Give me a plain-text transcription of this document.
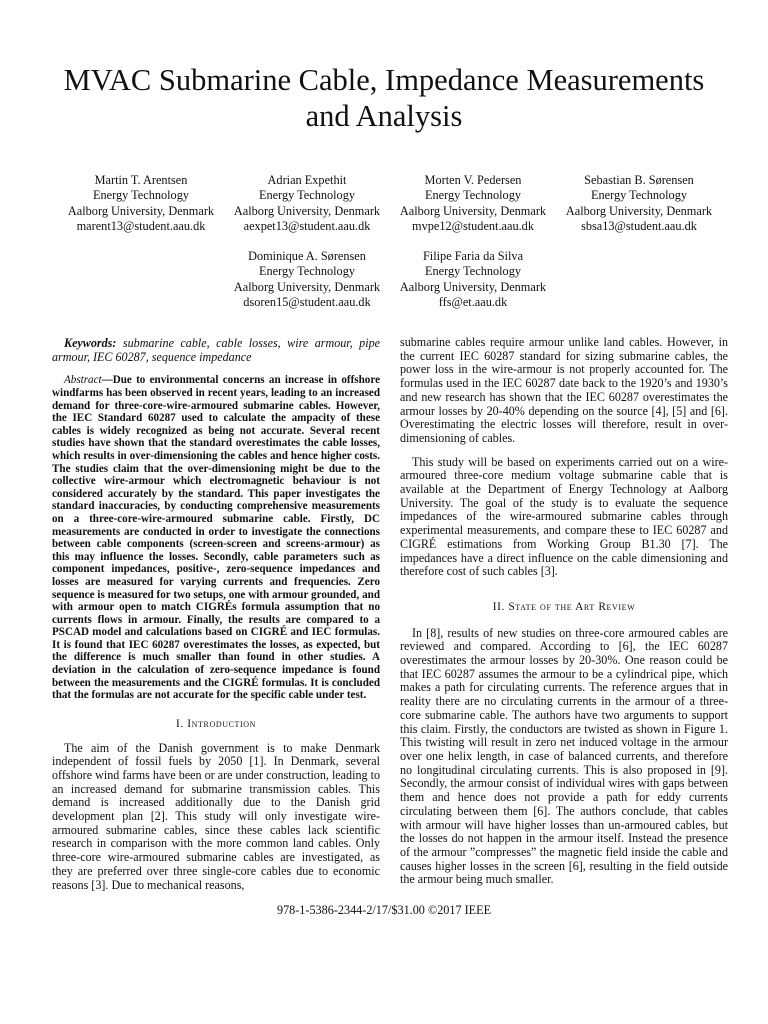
MVAC Submarine Cable, Impedance Measurements and Analysis
Martin T. Arentsen
Energy Technology
Aalborg University, Denmark
marent13@student.aau.dk
Adrian Expethit
Energy Technology
Aalborg University, Denmark
aexpet13@student.aau.dk
Morten V. Pedersen
Energy Technology
Aalborg University, Denmark
mvpe12@student.aau.dk
Sebastian B. Sørensen
Energy Technology
Aalborg University, Denmark
sbsa13@student.aau.dk
Dominique A. Sørensen
Energy Technology
Aalborg University, Denmark
dsoren15@student.aau.dk
Filipe Faria da Silva
Energy Technology
Aalborg University, Denmark
ffs@et.aau.dk

Keywords: submarine cable, cable losses, wire armour, pipe armour, IEC 60287, sequence impedance

Abstract—Due to environmental concerns an increase in offshore windfarms has been observed in recent years, leading to an increased demand for three-core-wire-armoured submarine cables. However, the IEC Standard 60287 used to calculate the ampacity of these cables is widely recognized as being not accurate. Several recent studies have shown that the standard overestimates the cable losses, which results in over-dimensioning the cables and hence higher costs. The studies claim that the over-dimensioning might be due to the collective wire-armour which electromagnetic behaviour is not considered accurately by the standard. This paper investigates the standard inaccuracies, by conducting comprehensive measurements on a three-core-wire-armoured submarine cable. Firstly, DC measurements are conducted in order to investigate the connections between cable components (screen-screen and screens-armour) as this may influence the losses. Secondly, cable parameters such as component impedances, positive-, zero-sequence impedances and losses are measured for varying currents and frequencies. Zero sequence is measured for two setups, one with armour grounded, and with armour open to match CIGRÉs formula assumption that no currents flows in armour. Finally, the results are compared to a PSCAD model and calculations based on CIGRÉ and IEC formulas. It is found that IEC 60287 overestimates the losses, as expected, but the difference is much smaller than found in other studies. A deviation in the calculation of zero-sequence impedance is found between the measurements and the CIGRÉ formulas. It is concluded that the formulas are not accurate for the specific cable under test.

I. Introduction

The aim of the Danish government is to make Denmark independent of fossil fuels by 2050 [1]. In Denmark, several offshore wind farms have been or are under construction, leading to an increased demand for submarine transmission cables. This demand is increased additionally due to the Danish grid development plan [2]. This study will only investigate wire-armoured submarine cables, since these cables lack scientific research in comparison with the more common land cables. Only three-core wire-armoured submarine cables are investigated, as they are preferred over three single-core cables due to economic reasons [3]. Due to mechanical reasons,

submarine cables require armour unlike land cables. However, in the current IEC 60287 standard for sizing submarine cables, the power loss in the wire-armour is not properly accounted for. The formulas used in the IEC 60287 date back to the 1920’s and 1930’s and new research has shown that the IEC 60287 overestimates the armour losses by 20-40% depending on the source [4], [5] and [6]. Overestimating the electric losses will therefore, result in over-dimensioning of cables.

This study will be based on experiments carried out on a wire-armoured three-core medium voltage submarine cable that is available at the Department of Energy Technology at Aalborg University. The goal of the study is to evaluate the sequence impedances of the wire-armoured submarine cables through experimental measurements, and compare these to IEC 60287 and CIGRÉ estimations from Working Group B1.30 [7]. The impedances have a direct influence on the cable dimensioning and therefore cost of such cables [3].

II. State of the Art Review

In [8], results of new studies on three-core armoured cables are reviewed and compared. According to [6], the IEC 60287 overestimates the armour losses by 20-30%. One reason could be that IEC 60287 assumes the armour to be a cylindrical pipe, which makes a path for circulating currents. The reference argues that in reality there are no circulating currents in the armour of a three-core submarine cable. The authors have two arguments to support this claim. Firstly, the conductors are twisted as shown in Figure 1. This twisting will result in zero net induced voltage in the armour over one helix length, in case of balanced currents, and therefore no longitudinal circulating currents. This is also proposed in [9]. Secondly, the armour consist of individual wires with gaps between them and hence does not provide a path for eddy currents circulating between them [6]. The authors conclude, that cables with armour will have higher losses than un-armoured cables, but the losses do not happen in the armour itself. Instead the presence of the armour ”compresses” the magnetic field inside the cable and causes higher losses in the screen [6], resulting in the field outside the armour being much smaller.

978-1-5386-2344-2/17/$31.00 ©2017 IEEE
